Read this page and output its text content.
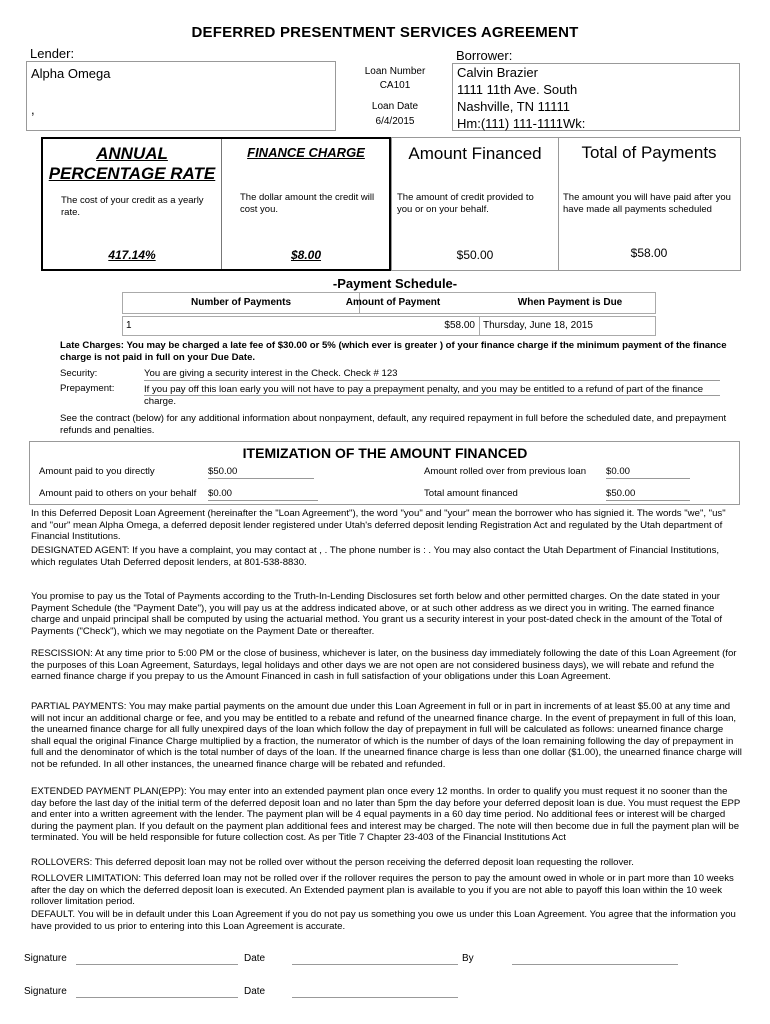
DEFERRED PRESENTMENT SERVICES AGREEMENT
Lender:
Alpha Omega
,
Loan Number
CA101
Loan Date
6/4/2015
Borrower:
Calvin Brazier
1111 11th Ave. South
Nashville, TN 11111
Hm:(111) 111-1111Wk:
ANNUAL
PERCENTAGE RATE
The cost of your credit as a yearly rate.
417.14%
FINANCE CHARGE
The dollar amount the credit will cost you.
$8.00
Amount Financed
The amount of credit provided to you or on your behalf.
$50.00
Total of Payments
The amount you will have paid after you have made all payments scheduled
$58.00
-Payment Schedule-
Number of Payments	Amount of Payment	When Payment is Due
1	$58.00 Thursday, June 18, 2015
Late Charges: You may be charged a late fee of $30.00 or 5% (which ever is greater ) of your finance charge if the minimum payment of the finance charge is not paid in full on your Due Date.
Security:	You are giving a security interest in the Check. Check # 123
Prepayment:	If you pay off this loan early you will not have to pay a prepayment penalty, and you may be entitled to a refund of part of the finance charge.
See the contract (below) for any additional information about nonpayment, default, any required repayment in full before the scheduled date, and prepayment refunds and penalties.
ITEMIZATION OF THE AMOUNT FINANCED
Amount paid to you directly	$50.00	Amount rolled over from previous loan $0.00
Amount paid to others on your behalf $0.00	Total amount financed	$50.00
In this Deferred Deposit Loan Agreement (hereinafter the "Loan Agreement"), the word "you" and "your" mean the borrower who has signied it. The words "we", "us" and "our" mean Alpha Omega, a deferred deposit lender registered under Utah's deferred deposit lending Registration Act and regulated by the Utah department of Financial Institutions.
DESIGNATED AGENT: If you have a complaint, you may contact at , . The phone number is : . You may also contact the Utah Department of Financial Institutions, which regulates Utah Deferred deposit lenders, at 801-538-8830.
You promise to pay us the Total of Payments according to the Truth-In-Lending Disclosures set forth below and other permitted charges. On the date stated in your Payment Schedule (the "Payment Date"), you will pay us at the address indicated above, or at such other address as we direct you in writing. The earned finance charge and unpaid principal shall be computed by using the actuarial method. You grant us a security interest in your post-dated check in the amount of the Total of Payments ("Check"), which we may negotiate on the Payment Date or thereafter.
RESCISSION: At any time prior to 5:00 PM or the close of business, whichever is later, on the business day immediately following the date of this Loan Agreement (for the purposes of this Loan Agreement, Saturdays, legal holidays and other days we are not open are not considered business days), we will rebate and refund the earned finance charge if you prepay to us the Amount Financed in cash in full satisfaction of your obligations under this Loan Agreement.
PARTIAL PAYMENTS: You may make partial payments on the amount due under this Loan Agreement in full or in part in increments of at least $5.00 at any time and will not incur an additional charge or fee, and you may be entitled to a rebate and refund of the unearned finance charge. In the event of prepayment in full of this loan, the unearned finance charge for all fully unexpired days of the loan which follow the day of prepayment in full will be calculated as follows: unearned finance charge shall equal the original Finance Charge multiplied by a fraction, the numerator of which is the number of days of the loan remaining following the day of prepayment in full and the denominator of which is the total number of days of the loan. If the unearned finance charge is less than one dollar ($1.00), the unearned finance charge will not be refunded. In all other instances, the unearned finance charge will be rebated and refunded.
EXTENDED PAYMENT PLAN(EPP): You may enter into an extended payment plan once every 12 months. In order to qualify you must request it no sooner than the day before the last day of the initial term of the deferred deposit loan and no later than 5pm the day before your deferred deposit loan is due. You must request the EPP and enter into a written agreement with the lender. The payment plan will be 4 equal payments in a 60 day time period. No additional fees or interest will be charged during the payment plan. If you default on the payment plan additional fees and interest may be charged. The note will then become due in full the payment plan will be terminated. You will be held responsible for future collection cost. As per Title 7 Chapter 23-403 of the Financial Institutions Act
ROLLOVERS: This deferred deposit loan may not be rolled over without the person receiving the deferred deposit loan requesting the rollover.
ROLLOVER LIMITATION: This deferred loan may not be rolled over if the rollover requires the person to pay the amount owed in whole or in part more than 10 weeks after the day on which the deferred deposit loan is executed. An Extended payment plan is available to you if you are not able to payoff this loan within the 10 week rollover limitation period.
DEFAULT. You will be in default under this Loan Agreement if you do not pay us something you owe us under this Loan Agreement. You agree that the information you have provided to us prior to entering into this Loan Agreement is accurate.
Signature	Date	By
Signature	Date
